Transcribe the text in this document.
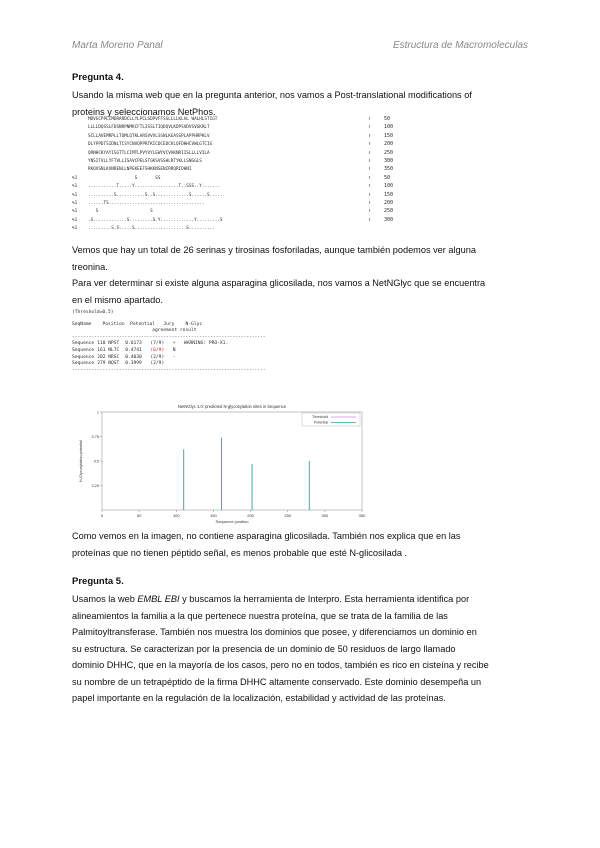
Marta Moreno Panal	Estructura de Macromoleculas

Pregunta 4.

Usando la misma web que en la pregunta anterior, nos vamos a Post-translational modifications of

proteins y seleccionamos NetPhos.

MDVGCPPLCMDRARDCLLYLPCLSDPVFFSSLLLLKLAL WALHLSTIGT	↑	50
LLLLDQSSLFDSNRPNMKCFTLISSLTIQDQVLKDPSVDVSVGKRLT	↑	100
SCLLAVEMRPLLTQMLQTKLARSVVVLSSNLKGASSPLAPPHRPKLV	↑	150
DLYPPDTSIDNLTCSYCNVQPPRTKICDCEDCVLQFDHHCVWLGTCIG	↑	200
QRNHCKYAYISGTTLCIMTLPVYVYLEWYVCVAKNRIISLLLLVILA	↑	250
YNSITVLLYFTVLLISAVCPELSTGKSVSSHLRTYKLLSNGGLS	↑	300
RKQVSNLKVNRENLLNPEKEEFSHKKNSENIRRQRIDHNI	↑	350
%1	S       SS	↑	50
%1	...........T.....Y.................T..SSS..Y.......	↑	100
%1	..........S...........S..S.............S......S......	↑	150
%1	......TS.....................................	↑	200
%1	S                    S	↑	250
%1	.S.............S.........S.Y.............Y.........S	↑	300
%1	.........S.S.....S....................S..........

Vemos que hay un total de 26 serinas y tirosinas fosforiladas, aunque también podemos ver alguna

treonina.

Para ver determinar si existe alguna asparagina glicosilada, nos vamos a NetNGlyc que se encuentra

en el mismo apartado.

(Threshold=0.5)
SeqName Position Potential Jury N-Glyc
agreement result
----------------------------------------------------------------------
Sequence 110 NPST 0.6173 (7/9) + WARNING: PRO-X1.
Sequence 161 NLTC 0.4741 (6/9) N
Sequence 202 NRSC 0.4030 (2/9) -
Sequence 279 NQST 0.3999 (2/9)
----------------------------------------------------------------------
NetNGlyc 1.0: predicted N-glycosylation sites in Sequence
0	50	100	150	200	250	300	350
Sequence position
0.25
0.5
0.75
1
N-Glycosylation potential
Threshold
Potential

Como vemos en la imagen, no contiene asparagina glicosilada. También nos explica que en las

proteínas que no tienen péptido señal, es menos probable que esté N-glicosilada .

Pregunta 5.

Usamos la web EMBL EBI y buscamos la herramienta de Interpro. Esta herramienta identifica por

alineamientos la familia a la que pertenece nuestra proteína, que se trata de la familia de las

Palmitoyltransferase. También nos muestra los dominios que posee, y diferenciamos un dominio en

su estructura. Se caracterizan por la presencia de un dominio de 50 residuos de largo llamado

dominio DHHC, que en la mayoría de los casos, pero no en todos, también es rico en cisteína y recibe

su nombre de un tetrapéptido de la firma DHHC altamente conservado. Este dominio desempeña un

papel importante en la regulación de la localización, estabilidad y actividad de las proteínas.
